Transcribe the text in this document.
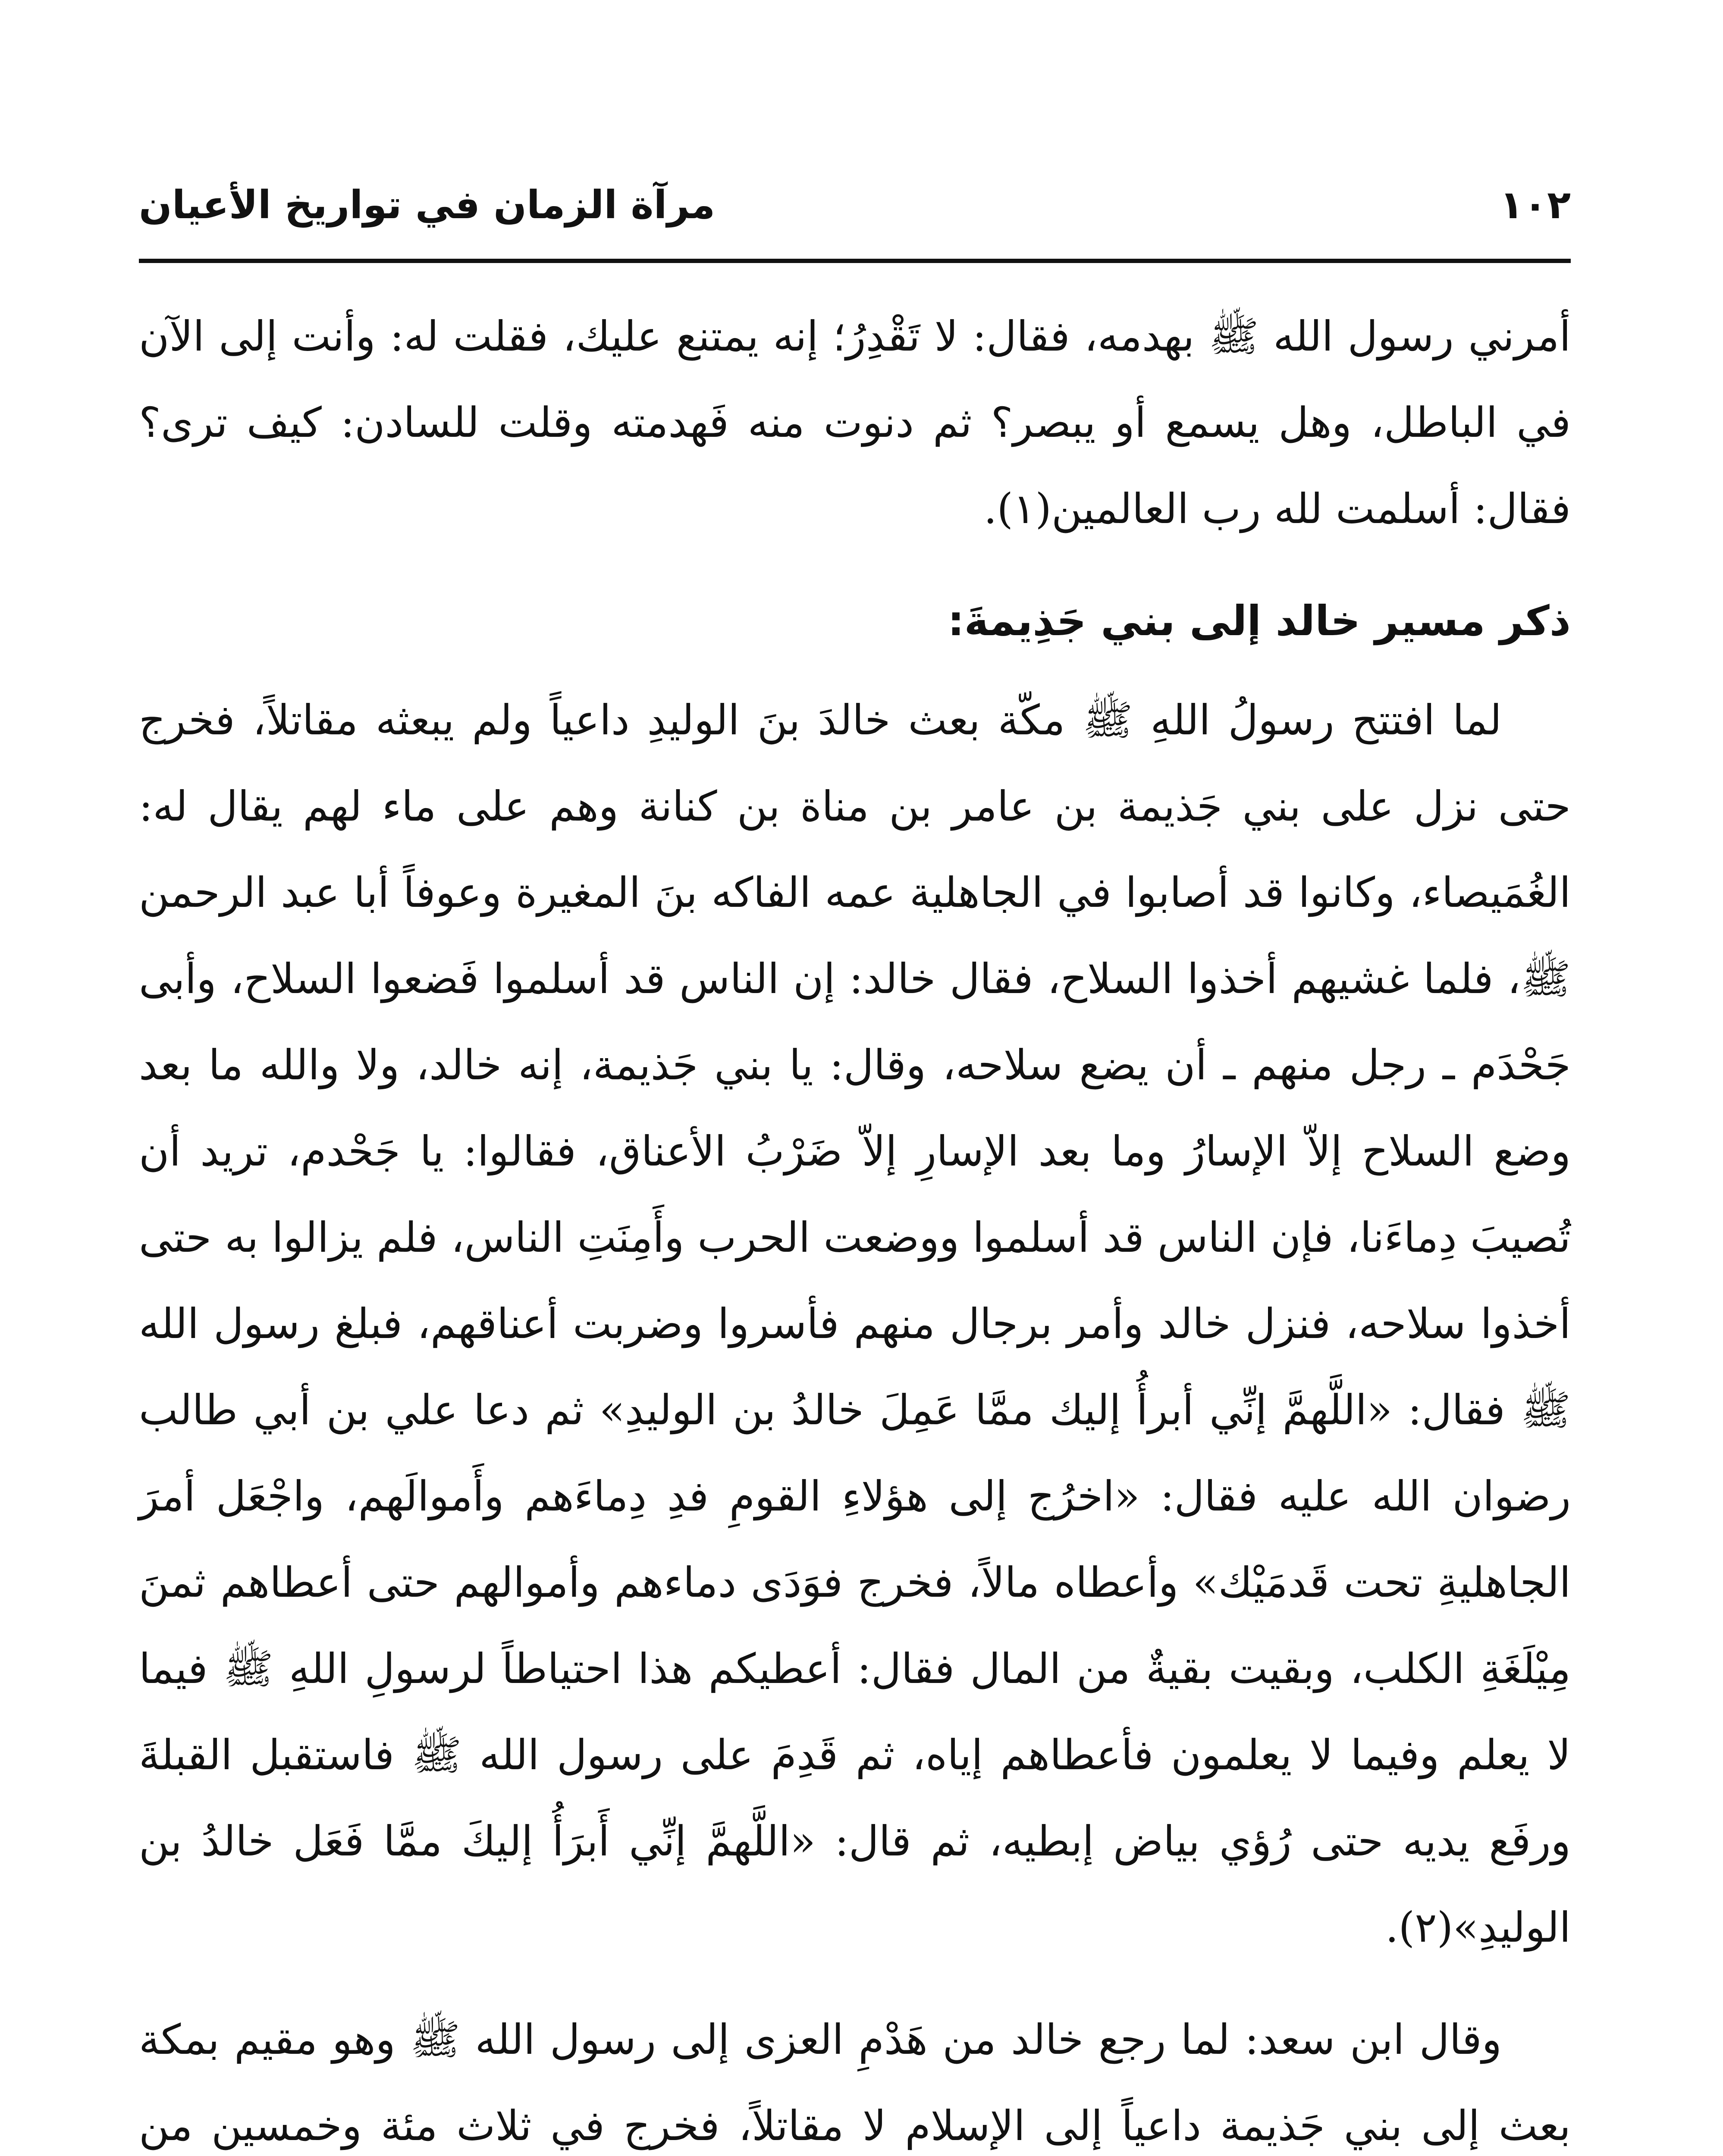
١٠٢
مرآة الزمان في تواريخ الأعيان

أمرني رسول الله ﷺ بهدمه، فقال: لا تَقْدِرُ؛ إنه يمتنع عليك، فقلت له: وأنت إلى الآن في الباطل، وهل يسمع أو يبصر؟ ثم دنوت منه فَهدمته وقلت للسادن: كيف ترى؟ فقال: أسلمت لله رب العالمين(١).

ذكر مسير خالد إلى بني جَذِيمةَ:

لما افتتح رسولُ اللهِ ﷺ مكّة بعث خالدَ بنَ الوليدِ داعياً ولم يبعثه مقاتلاً، فخرج حتى نزل على بني جَذيمة بن عامر بن مناة بن كنانة وهم على ماء لهم يقال له: الغُمَيصاء، وكانوا قد أصابوا في الجاهلية عمه الفاكه بنَ المغيرة وعوفاً أبا عبد الرحمن ﷺ، فلما غشيهم أخذوا السلاح، فقال خالد: إن الناس قد أسلموا فَضعوا السلاح، وأبى جَحْدَم ـ رجل منهم ـ أن يضع سلاحه، وقال: يا بني جَذيمة، إنه خالد، ولا والله ما بعد وضع السلاح إلاّ الإسارُ وما بعد الإسارِ إلاّ ضَرْبُ الأعناق، فقالوا: يا جَحْدم، تريد أن تُصيبَ دِماءَنا، فإن الناس قد أسلموا ووضعت الحرب وأَمِنَتِ الناس، فلم يزالوا به حتى أخذوا سلاحه، فنزل خالد وأمر برجال منهم فأسروا وضربت أعناقهم، فبلغ رسول الله ﷺ فقال: «اللَّهمَّ إنِّي أبرأُ إليك ممَّا عَمِلَ خالدُ بن الوليدِ» ثم دعا علي بن أبي طالب رضوان الله عليه فقال: «اخرُج إلى هؤلاءِ القومِ فدِ دِماءَهم وأَموالَهم، واجْعَل أمرَ الجاهليةِ تحت قَدمَيْك» وأعطاه مالاً، فخرج فوَدَى دماءهم وأموالهم حتى أعطاهم ثمنَ مِيْلَغَةِ الكلب، وبقيت بقيةٌ من المال فقال: أعطيكم هذا احتياطاً لرسولِ اللهِ ﷺ فيما لا يعلم وفيما لا يعلمون فأعطاهم إياه، ثم قَدِمَ على رسول الله ﷺ فاستقبل القبلةَ ورفَع يديه حتى رُؤي بياض إبطيه، ثم قال: «اللَّهمَّ إنِّي أَبرَأُ إليكَ ممَّا فَعَل خالدُ بن الوليدِ»(٢).

وقال ابن سعد: لما رجع خالد من هَدْمِ العزى إلى رسول الله ﷺ وهو مقيم بمكة بعث إلى بني جَذيمة داعياً إلى الإسلام لا مقاتلاً، فخرج في ثلاث مئة وخمسين من
